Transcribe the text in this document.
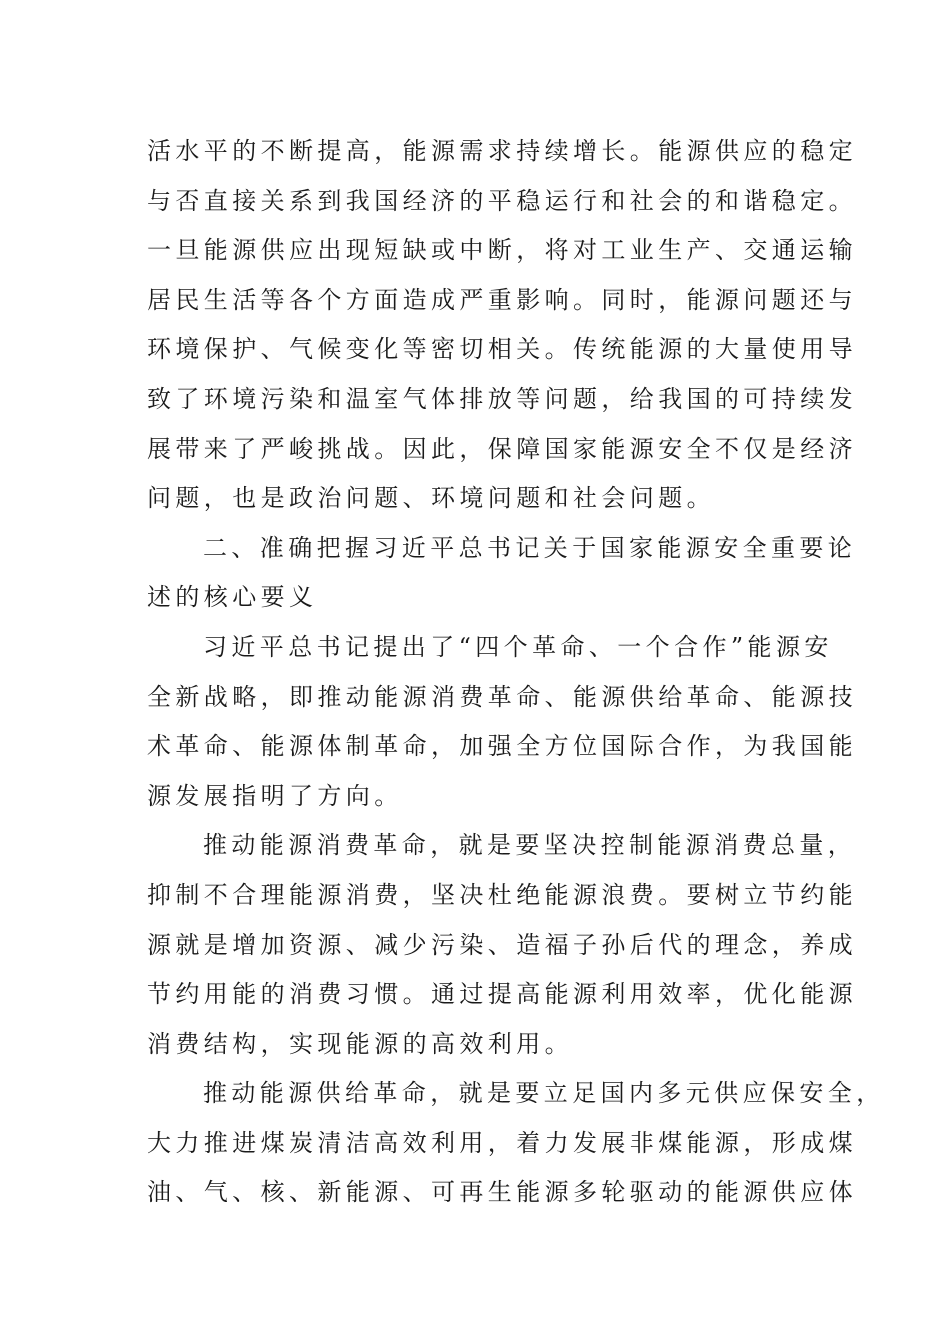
活水平的不断提高，能源需求持续增长。能源供应的稳定
与否直接关系到我国经济的平稳运行和社会的和谐稳定。
一旦能源供应出现短缺或中断，将对工业生产、交通运输
居民生活等各个方面造成严重影响。同时，能源问题还与
环境保护、气候变化等密切相关。传统能源的大量使用导
致了环境污染和温室气体排放等问题，给我国的可持续发
展带来了严峻挑战。因此，保障国家能源安全不仅是经济
问题，也是政治问题、环境问题和社会问题。
二、准确把握习近平总书记关于国家能源安全重要论
述的核心要义
习近平总书记提出了“四个革命、一个合作”能源安
全新战略，即推动能源消费革命、能源供给革命、能源技
术革命、能源体制革命，加强全方位国际合作，为我国能
源发展指明了方向。
推动能源消费革命，就是要坚决控制能源消费总量，
抑制不合理能源消费，坚决杜绝能源浪费。要树立节约能
源就是增加资源、减少污染、造福子孙后代的理念，养成
节约用能的消费习惯。通过提高能源利用效率，优化能源
消费结构，实现能源的高效利用。
推动能源供给革命，就是要立足国内多元供应保安全，
大力推进煤炭清洁高效利用，着力发展非煤能源，形成煤
油、气、核、新能源、可再生能源多轮驱动的能源供应体
